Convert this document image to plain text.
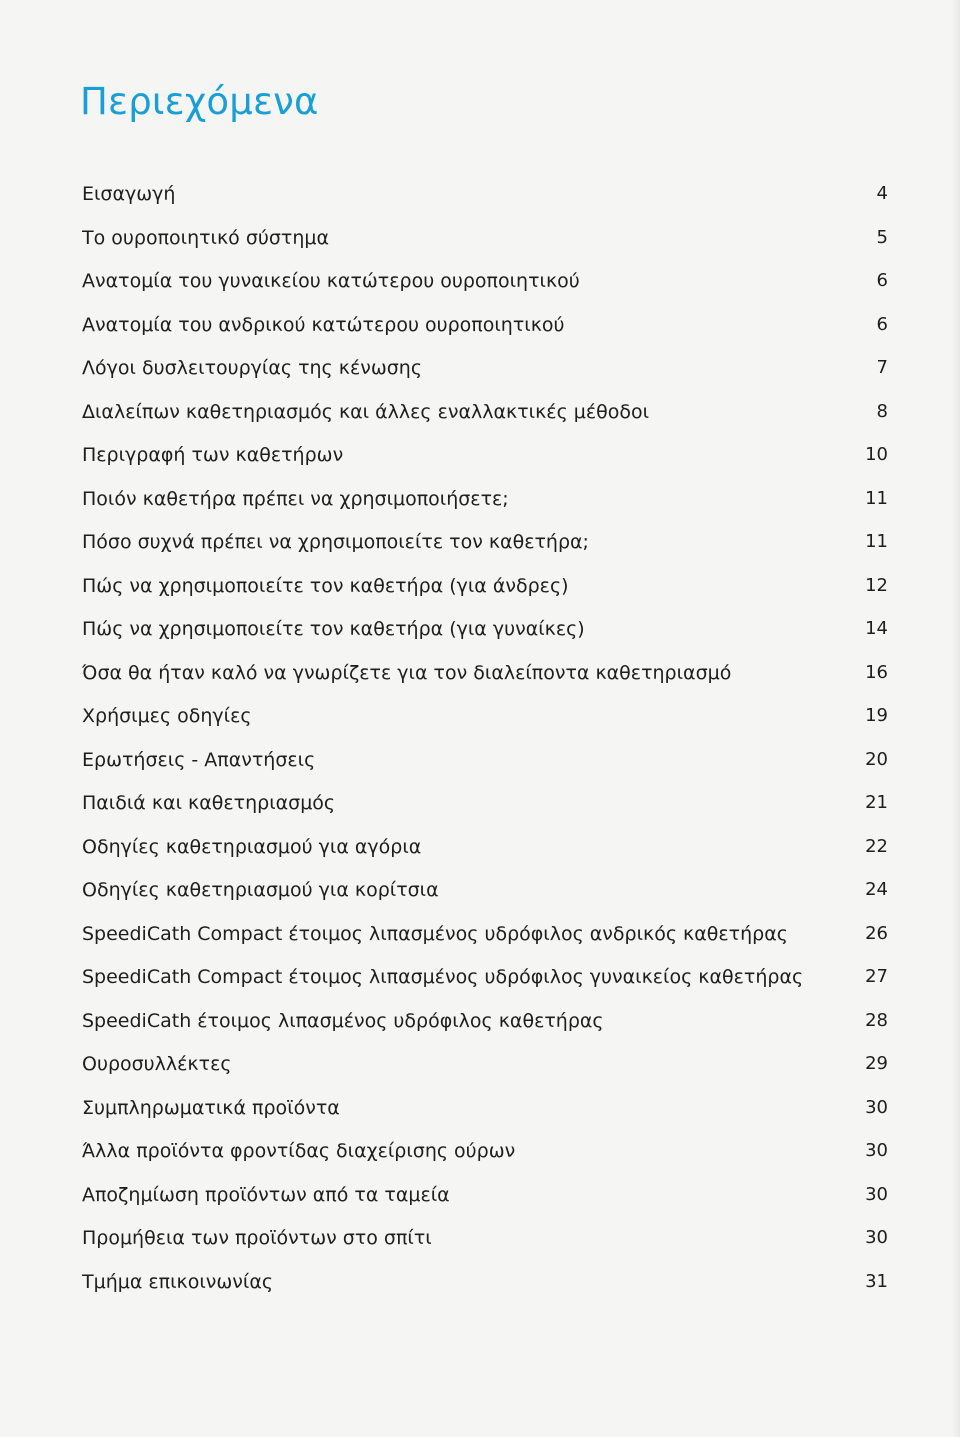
Περιεχόμενα
Εισαγωγή	4
Το ουροποιητικό σύστημα	5
Ανατομία του γυναικείου κατώτερου ουροποιητικού	6
Ανατομία του ανδρικού κατώτερου ουροποιητικού	6
Λόγοι δυσλειτουργίας της κένωσης	7
Διαλείπων καθετηριασμός και άλλες εναλλακτικές μέθοδοι	8
Περιγραφή των καθετήρων	10
Ποιόν καθετήρα πρέπει να χρησιμοποιήσετε;	11
Πόσο συχνά πρέπει να χρησιμοποιείτε τον καθετήρα;	11
Πώς να χρησιμοποιείτε τον καθετήρα (για άνδρες)	12
Πώς να χρησιμοποιείτε τον καθετήρα (για γυναίκες)	14
Όσα θα ήταν καλό να γνωρίζετε για τον διαλείποντα καθετηριασμό	16
Χρήσιμες οδηγίες	19
Ερωτήσεις - Απαντήσεις	20
Παιδιά και καθετηριασμός	21
Οδηγίες καθετηριασμού για αγόρια	22
Οδηγίες καθετηριασμού για κορίτσια	24
SpeediCath Compact έτοιμος λιπασμένος υδρόφιλος ανδρικός καθετήρας	26
SpeediCath Compact έτοιμος λιπασμένος υδρόφιλος γυναικείος καθετήρας	27
SpeediCath έτοιμος λιπασμένος υδρόφιλος καθετήρας	28
Ουροσυλλέκτες	29
Συμπληρωματικά προϊόντα	30
Άλλα προϊόντα φροντίδας διαχείρισης ούρων	30
Αποζημίωση προϊόντων από τα ταμεία	30
Προμήθεια των προϊόντων στο σπίτι	30
Τμήμα επικοινωνίας	31
